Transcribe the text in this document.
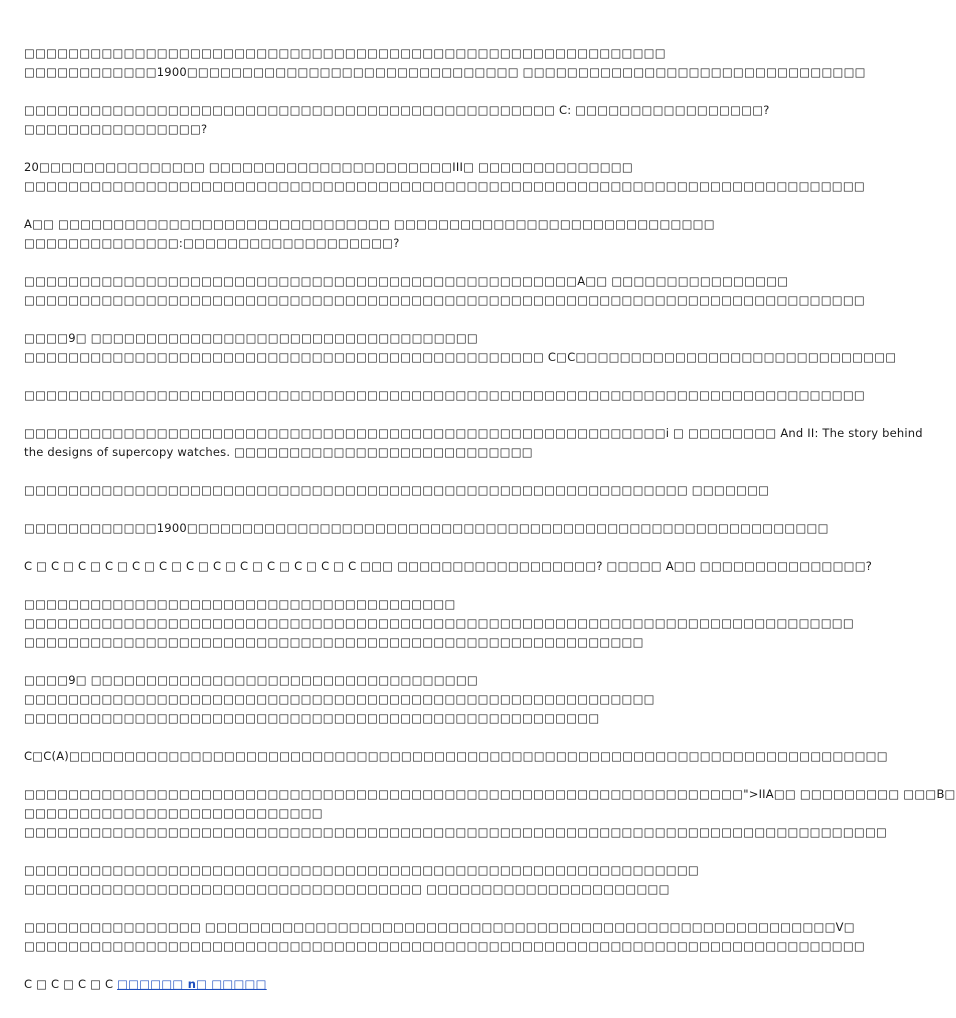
□□□□□□□□□□□□□□□□□□□□□□□□□□□□□□□□□□□□□□□□□□□□□□□□□□□□□□□□□□
□□□□□□□□□□□□1900□□□□□□□□□□□□□□□□□□□□□□□□□□□□□□ □□□□□□□□□□□□□□□□□□□□□□□□□□□□□□□
□□□□□□□□□□□□□□□□□□□□□□□□□□□□□□□□□□□□□□□□□□□□□□□□ C: □□□□□□□□□□□□□□□□□?
□□□□□□□□□□□□□□□□?
20□□□□□□□□□□□□□□□ □□□□□□□□□□□□□□□□□□□□□□III□ □□□□□□□□□□□□□□
□□□□□□□□□□□□□□□□□□□□□□□□□□□□□□□□□□□□□□□□□□□□□□□□□□□□□□□□□□□□□□□□□□□□□□□□□□□□
A□□ □□□□□□□□□□□□□□□□□□□□□□□□□□□□□□ □□□□□□□□□□□□□□□□□□□□□□□□□□□□□
□□□□□□□□□□□□□□:□□□□□□□□□□□□□□□□□□□?
□□□□□□□□□□□□□□□□□□□□□□□□□□□□□□□□□□□□□□□□□□□□□□□□□□A□□ □□□□□□□□□□□□□□□□
□□□□□□□□□□□□□□□□□□□□□□□□□□□□□□□□□□□□□□□□□□□□□□□□□□□□□□□□□□□□□□□□□□□□□□□□□□□□
□□□□9□ □□□□□□□□□□□□□□□□□□□□□□□□□□□□□□□□□□□
□□□□□□□□□□□□□□□□□□□□□□□□□□□□□□□□□□□□□□□□□□□□□□□ C□C□□□□□□□□□□□□□□□□□□□□□□□□□□□□□
□□□□□□□□□□□□□□□□□□□□□□□□□□□□□□□□□□□□□□□□□□□□□□□□□□□□□□□□□□□□□□□□□□□□□□□□□□□□
□□□□□□□□□□□□□□□□□□□□□□□□□□□□□□□□□□□□□□□□□□□□□□□□□□□□□□□□□□i □ □□□□□□□□ And II: The story behind
the designs of supercopy watches. □□□□□□□□□□□□□□□□□□□□□□□□□□□
□□□□□□□□□□□□□□□□□□□□□□□□□□□□□□□□□□□□□□□□□□□□□□□□□□□□□□□□□□□□ □□□□□□□
□□□□□□□□□□□□1900□□□□□□□□□□□□□□□□□□□□□□□□□□□□□□□□□□□□□□□□□□□□□□□□□□□□□□□□□□
C □ C □ C □ C □ C □ C □ C □ C □ C □ C □ C □ C □ C □□□ □□□□□□□□□□□□□□□□□□? □□□□□ A□□ □□□□□□□□□□□□□□□?
□□□□□□□□□□□□□□□□□□□□□□□□□□□□□□□□□□□□□□□
□□□□□□□□□□□□□□□□□□□□□□□□□□□□□□□□□□□□□□□□□□□□□□□□□□□□□□□□□□□□□□□□□□□□□□□□□□□
□□□□□□□□□□□□□□□□□□□□□□□□□□□□□□□□□□□□□□□□□□□□□□□□□□□□□□□□
□□□□9□ □□□□□□□□□□□□□□□□□□□□□□□□□□□□□□□□□□□
□□□□□□□□□□□□□□□□□□□□□□□□□□□□□□□□□□□□□□□□□□□□□□□□□□□□□□□□□
□□□□□□□□□□□□□□□□□□□□□□□□□□□□□□□□□□□□□□□□□□□□□□□□□□□□
C□C(A)□□□□□□□□□□□□□□□□□□□□□□□□□□□□□□□□□□□□□□□□□□□□□□□□□□□□□□□□□□□□□□□□□□□□□□□□□□
□□□□□□□□□□□□□□□□□□□□□□□□□□□□□□□□□□□□□□□□□□□□□□□□□□□□□□□□□□□□□□□□□">IIA□□ □□□□□□□□□ □□□B□
□□□□□□□□□□□□□□□□□□□□□□□□□□□
□□□□□□□□□□□□□□□□□□□□□□□□□□□□□□□□□□□□□□□□□□□□□□□□□□□□□□□□□□□□□□□□□□□□□□□□□□□□□□
□□□□□□□□□□□□□□□□□□□□□□□□□□□□□□□□□□□□□□□□□□□□□□□□□□□□□□□□□□□□□
□□□□□□□□□□□□□□□□□□□□□□□□□□□□□□□□□□□□ □□□□□□□□□□□□□□□□□□□□□□
□□□□□□□□□□□□□□□□ □□□□□□□□□□□□□□□□□□□□□□□□□□□□□□□□□□□□□□□□□□□□□□□□□□□□□□□□□V□
□□□□□□□□□□□□□□□□□□□□□□□□□□□□□□□□□□□□□□□□□□□□□□□□□□□□□□□□□□□□□□□□□□□□□□□□□□□□
C □ C □ C □ C □□□□□□ n□ □□□□□
